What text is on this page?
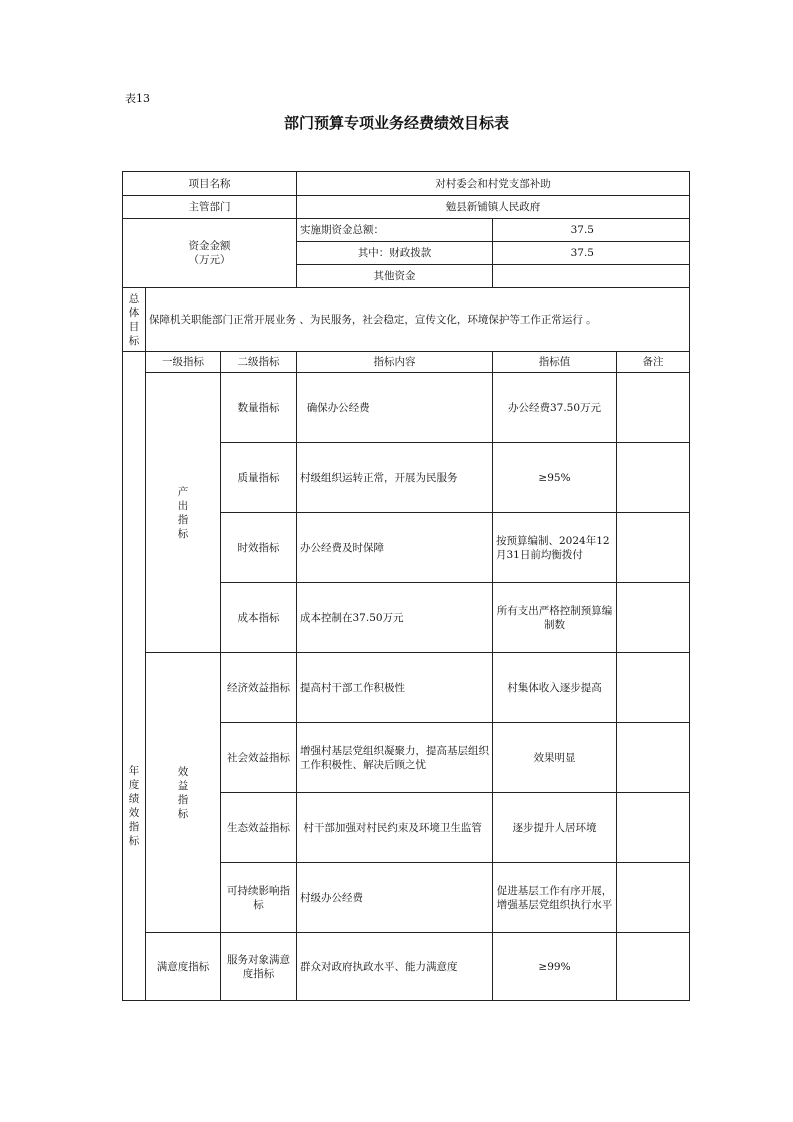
表13
部门预算专项业务经费绩效目标表
项目名称			对村委会和村党支部补助		
主管部门			勉县新铺镇人民政府		

资金金额
（万元）			实施期资金总额：	37.5	
			其中：财政拨款	37.5	
			其他资金		

总体目标	保障机关职能部门正常开展业务 、为民服务，社会稳定，宣传文化，环境保护等工作正常运行 。				

年度绩效指标	一级指标	二级指标	指标内容	指标值	备注

	产出指标	数量指标	确保办公经费	办公经费37.50万元	
		质量指标	村级组织运转正常，开展为民服务	≥95%	
		时效指标	办公经费及时保障	按预算编制、2024年12月31日前均衡拨付	
		成本指标	成本控制在37.50万元	所有支出严格控制预算编制数	

	效益指标	经济效益指标	提高村干部工作积极性	村集体收入逐步提高	
		社会效益指标	增强村基层党组织凝聚力，提高基层组织工作积极性、解决后顾之忧	效果明显	
		生态效益指标	村干部加强对村民约束及环境卫生监管	逐步提升人居环境	
		可持续影响指标	村级办公经费	促进基层工作有序开展，增强基层党组织执行水平	
	满意度指标	服务对象满意度指标	群众对政府执政水平、能力满意度	≥99%	
